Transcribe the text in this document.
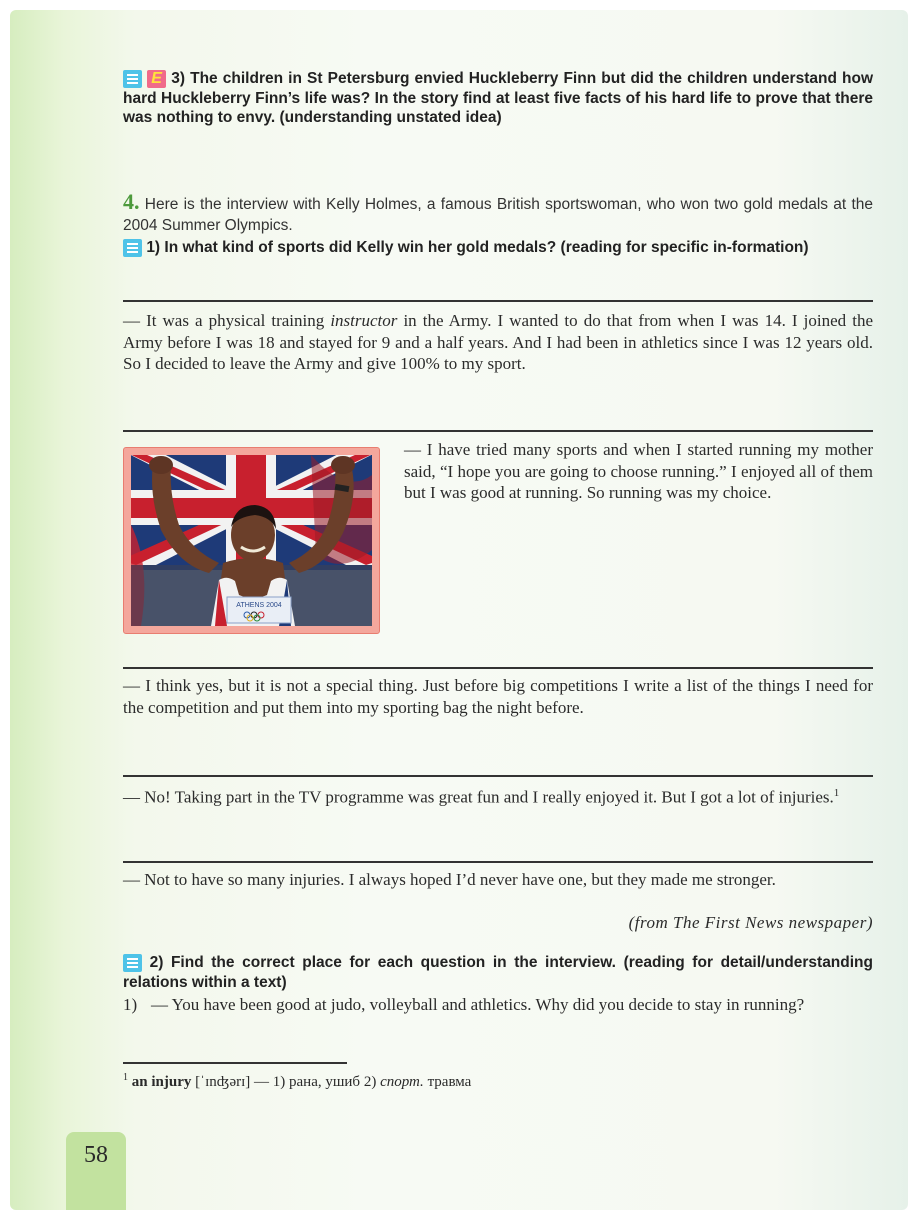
E 3) The children in St Petersburg envied Huckleberry Finn but did the children understand how hard Huckleberry Finn’s life was? In the story find at least five facts of his hard life to prove that there was nothing to envy. (understanding unstated idea)
4. Here is the interview with Kelly Holmes, a famous British sportswoman, who won two gold medals at the 2004 Summer Olympics.
1) In what kind of sports did Kelly win her gold medals? (reading for specific in-formation)
— It was a physical training instructor in the Army. I wanted to do that from when I was 14. I joined the Army before I was 18 and stayed for 9 and a half years. And I had been in athletics since I was 12 years old. So I decided to leave the Army and give 100% to my sport.
ATHENS 2004
— I have tried many sports and when I started running my mother said, “I hope you are going to choose running.” I enjoyed all of them but I was good at running. So running was my choice.
— I think yes, but it is not a special thing. Just before big competitions I write a list of the things I need for the competition and put them into my sporting bag the night before.
— No! Taking part in the TV programme was great fun and I really enjoyed it. But I got a lot of injuries.$^1$
— Not to have so many injuries. I always hoped I’d never have one, but they made me stronger.
(from The First News newspaper)
2) Find the correct place for each question in the interview. (reading for detail/understanding relations within a text)
1) — You have been good at judo, volleyball and athletics. Why did you decide to stay in running?
$^1$ an injury [ˈɪnʤərɪ] — 1) рана, ушиб 2) спорт. травма
58
